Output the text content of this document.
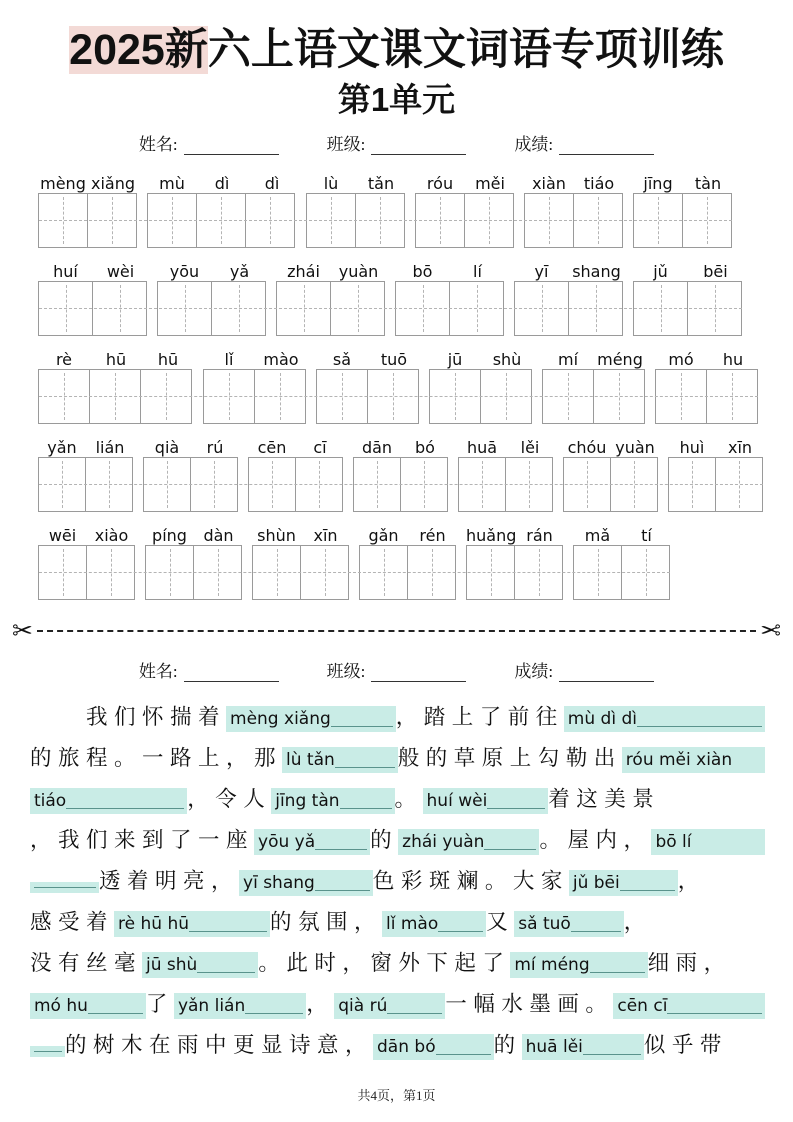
2025新六上语文课文词语专项训练
第1单元
姓名:	班级:	成绩:
mèng xiǎng	mù	dì	dì	lù	tǎn	róu	měi	xiàn	tiáo	jīng	tàn
huí	wèi	yōu	yǎ	zhái	yuàn	bō	lí	yī	shang	jǔ	bēi
rè	hū	hū	lǐ	mào	sǎ	tuō	jū	shù	mí	méng	mó	hu
yǎn	lián	qià	rú	cēn	cī	dān	bó	huā	lěi	chóu yuàn	huì	xīn
wēi	xiào	píng	dàn	shùn	xīn	gǎn	rén	huǎng rán	mǎ	tí
✂	✂
姓名:	班级:	成绩:
　　我们怀揣着 mèng xiǎng	，踏上了前往 mù dì dì
的旅程。一路上，那 lù tǎn	般的草原上勾勒出 róu měi xiàn
tiáo	，令人 jīng tàn	。 huí wèi	着这美景
，我们来到了一座 yōu yǎ	的 zhái yuàn	。屋内， bō lí
透着明亮， yī shang	色彩斑斓。大家 jǔ bēi	，
感受着 rè hū hū	的氛围， lǐ mào 又 sǎ tuō ，
没有丝毫 jū shù	。此时，窗外下起了 mí méng	细雨，
mó hu	了 yǎn lián	， qià rú	一幅水墨画。 cēn cī
的树木在雨中更显诗意， dān bó	的 huā lěi	似乎带
共4页，第1页
